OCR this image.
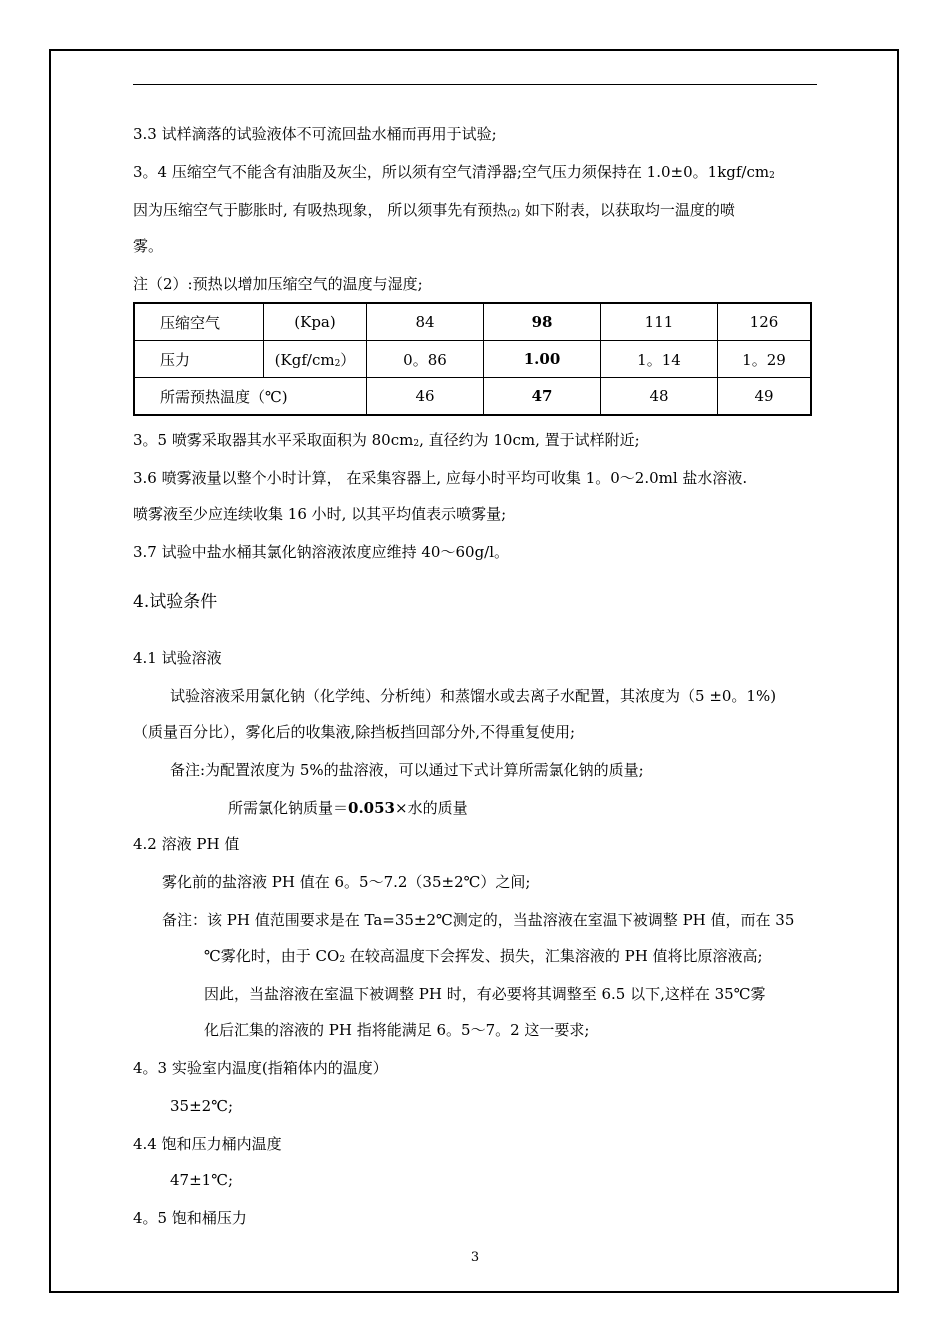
3.3 试样滴落的试验液体不可流回盐水桶而再用于试验;
3。4 压缩空气不能含有油脂及灰尘，所以须有空气清淨器;空气压力须保持在 1.0±0。1kgf/cm2
因为压缩空气于膨胀时, 有吸热现象， 所以须事先有预热(2) 如下附表，以获取均一温度的喷
雾。
注（2）:预热以增加压缩空气的温度与湿度;
压缩空气	(Kpa)	84	98	111	126
压力	(Kgf/cm2）	0。86	1.00	1。14	1。29
所需预热温度（℃)		46	47	48	49
3。5 喷雾采取器其水平采取面积为 80cm2, 直径约为 10cm, 置于试样附近;
3.6 喷雾液量以整个小时计算， 在采集容器上, 应每小时平均可收集 1。0～2.0ml 盐水溶液.
喷雾液至少应连续收集 16 小时, 以其平均值表示喷雾量;
3.7 试验中盐水桶其氯化钠溶液浓度应维持 40～60g/l。
4.试验条件
4.1 试验溶液
试验溶液采用氯化钠（化学纯、分析纯）和蒸馏水或去离子水配置，其浓度为（5 ±0。1%)
（质量百分比），雾化后的收集液,除挡板挡回部分外,不得重复使用;
备注:为配置浓度为 5%的盐溶液，可以通过下式计算所需氯化钠的质量;
所需氯化钠质量＝0.053×水的质量
4.2 溶液 PH 值
雾化前的盐溶液 PH 值在 6。5～7.2（35±2℃）之间;
备注：该 PH 值范围要求是在 Ta=35±2℃测定的，当盐溶液在室温下被调整 PH 值，而在 35
℃雾化时，由于 CO2 在较高温度下会挥发、损失，汇集溶液的 PH 值将比原溶液高;
因此，当盐溶液在室温下被调整 PH 时，有必要将其调整至 6.5 以下,这样在 35℃雾
化后汇集的溶液的 PH 指将能满足 6。5～7。2 这一要求;
4。3 实验室内温度(指箱体内的温度）
35±2℃;
4.4 饱和压力桶内温度
47±1℃;
4。5 饱和桶压力
3
